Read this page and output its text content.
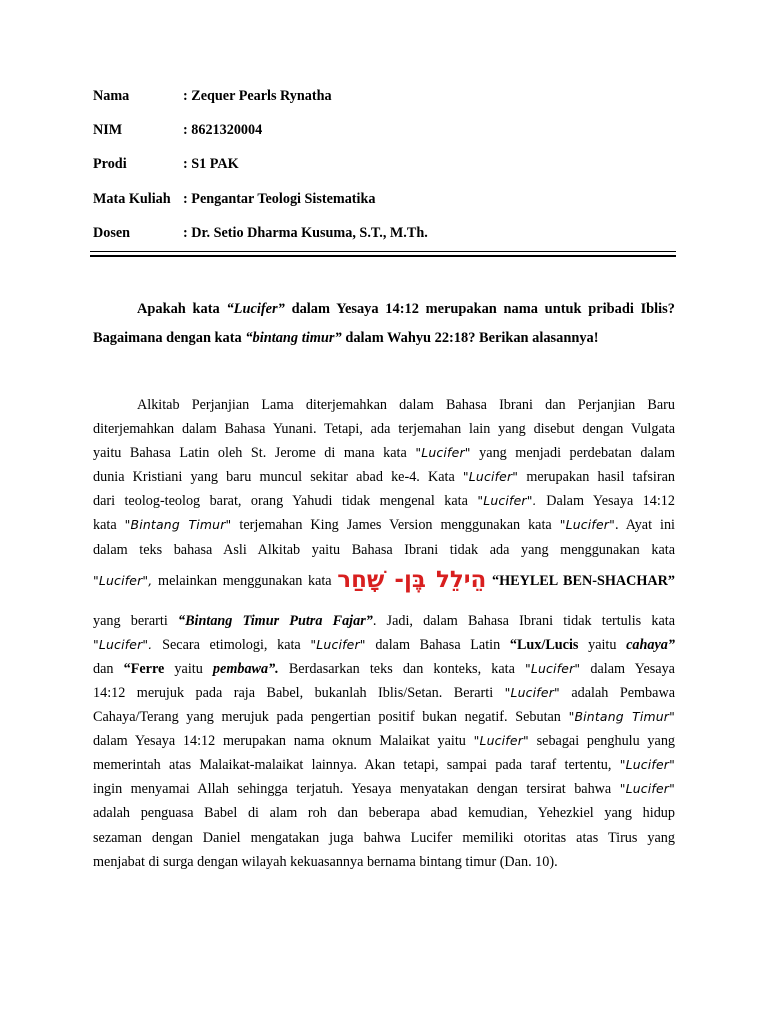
Nama	: Zequer Pearls Rynatha
NIM	: 8621320004
Prodi	: S1 PAK
Mata Kuliah : Pengantar Teologi Sistematika
Dosen	: Dr. Setio Dharma Kusuma, S.T., M.Th.

Apakah kata “Lucifer” dalam Yesaya 14:12 merupakan nama untuk pribadi Iblis? Bagaimana dengan kata “bintang timur” dalam Wahyu 22:18? Berikan alasannya!

Alkitab Perjanjian Lama diterjemahkan dalam Bahasa Ibrani dan Perjanjian Baru
diterjemahkan dalam Bahasa Yunani. Tetapi, ada terjemahan lain yang disebut dengan Vulgata
yaitu Bahasa Latin oleh St. Jerome di mana kata "Lucifer" yang menjadi perdebatan dalam
dunia Kristiani yang baru muncul sekitar abad ke-4. Kata "Lucifer" merupakan hasil tafsiran
dari teolog-teolog barat, orang Yahudi tidak mengenal kata "Lucifer". Dalam Yesaya 14:12
kata "Bintang Timur" terjemahan King James Version menggunakan kata "Lucifer". Ayat ini
dalam teks bahasa Asli Alkitab yaitu Bahasa Ibrani tidak ada yang menggunakan kata
"Lucifer", melainkan menggunakan kata הֵילֵל בֶּן- שָׁחַר “HEYLEL BEN-SHACHAR”
yang berarti “Bintang Timur Putra Fajar”. Jadi, dalam Bahasa Ibrani tidak tertulis kata
"Lucifer". Secara etimologi, kata "Lucifer" dalam Bahasa Latin “Lux/Lucis yaitu cahaya”
dan “Ferre yaitu pembawa”. Berdasarkan teks dan konteks, kata "Lucifer" dalam Yesaya
14:12 merujuk pada raja Babel, bukanlah Iblis/Setan. Berarti "Lucifer" adalah Pembawa
Cahaya/Terang yang merujuk pada pengertian positif bukan negatif. Sebutan "Bintang Timur"
dalam Yesaya 14:12 merupakan nama oknum Malaikat yaitu "Lucifer" sebagai penghulu yang
memerintah atas Malaikat-malaikat lainnya. Akan tetapi, sampai pada taraf tertentu, "Lucifer"
ingin menyamai Allah sehingga terjatuh. Yesaya menyatakan dengan tersirat bahwa "Lucifer"
adalah penguasa Babel di alam roh dan beberapa abad kemudian, Yehezkiel yang hidup
sezaman dengan Daniel mengatakan juga bahwa Lucifer memiliki otoritas atas Tirus yang
menjabat di surga dengan wilayah kekuasannya bernama bintang timur (Dan. 10).
